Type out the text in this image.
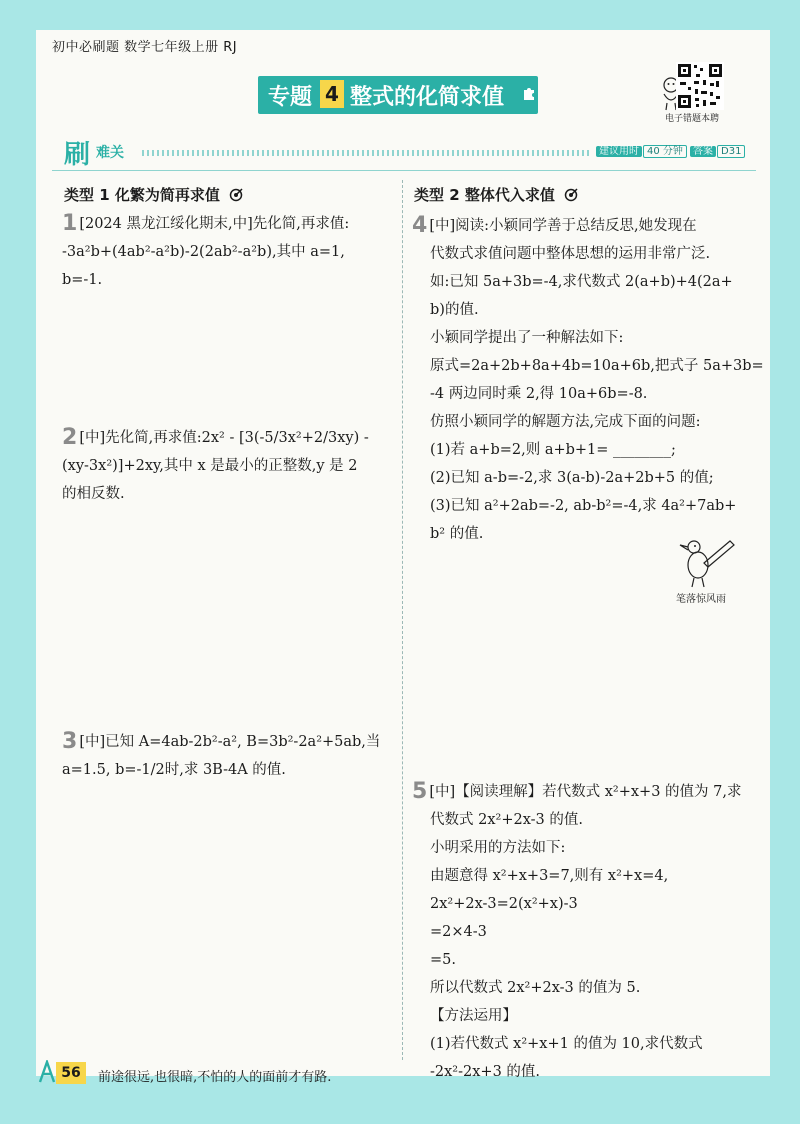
初中必刷题 数学七年级上册 RJ
专题 4 整式的化简求值
电子错题本聘
刷 难关	建议用时 40 分钟	答案 D31
类型 1 化繁为简再求值
1 [2024 黑龙江绥化期末,中]先化简,再求值:
-3a²b+(4ab²-a²b)-2(2ab²-a²b),其中 a=1,
b=-1.
2 [中]先化简,再求值:2x² - [3(-5/3x²+2/3xy) -
(xy-3x²)]+2xy,其中 x 是最小的正整数,y 是 2
的相反数.
3 [中]已知 A=4ab-2b²-a², B=3b²-2a²+5ab,当
a=1.5, b=-1/2时,求 3B-4A 的值.
类型 2 整体代入求值
4 [中]阅读:小颖同学善于总结反思,她发现在
代数式求值问题中整体思想的运用非常广泛.
如:已知 5a+3b=-4,求代数式 2(a+b)+4(2a+
b)的值.
小颖同学提出了一种解法如下:
原式=2a+2b+8a+4b=10a+6b,把式子 5a+3b=
-4 两边同时乘 2,得 10a+6b=-8.
仿照小颖同学的解题方法,完成下面的问题:
(1)若 a+b=2,则 a+b+1= ________;
(2)已知 a-b=-2,求 3(a-b)-2a+2b+5 的值;
(3)已知 a²+2ab=-2, ab-b²=-4,求 4a²+7ab+
b² 的值.
笔落惊风雨
5 [中]【阅读理解】若代数式 x²+x+3 的值为 7,求
代数式 2x²+2x-3 的值.
小明采用的方法如下:
由题意得 x²+x+3=7,则有 x²+x=4,
2x²+2x-3=2(x²+x)-3
=2×4-3
=5.
所以代数式 2x²+2x-3 的值为 5.
【方法运用】
(1)若代数式 x²+x+1 的值为 10,求代数式
-2x²-2x+3 的值.
56	前途很远,也很暗,不怕的人的面前才有路.
